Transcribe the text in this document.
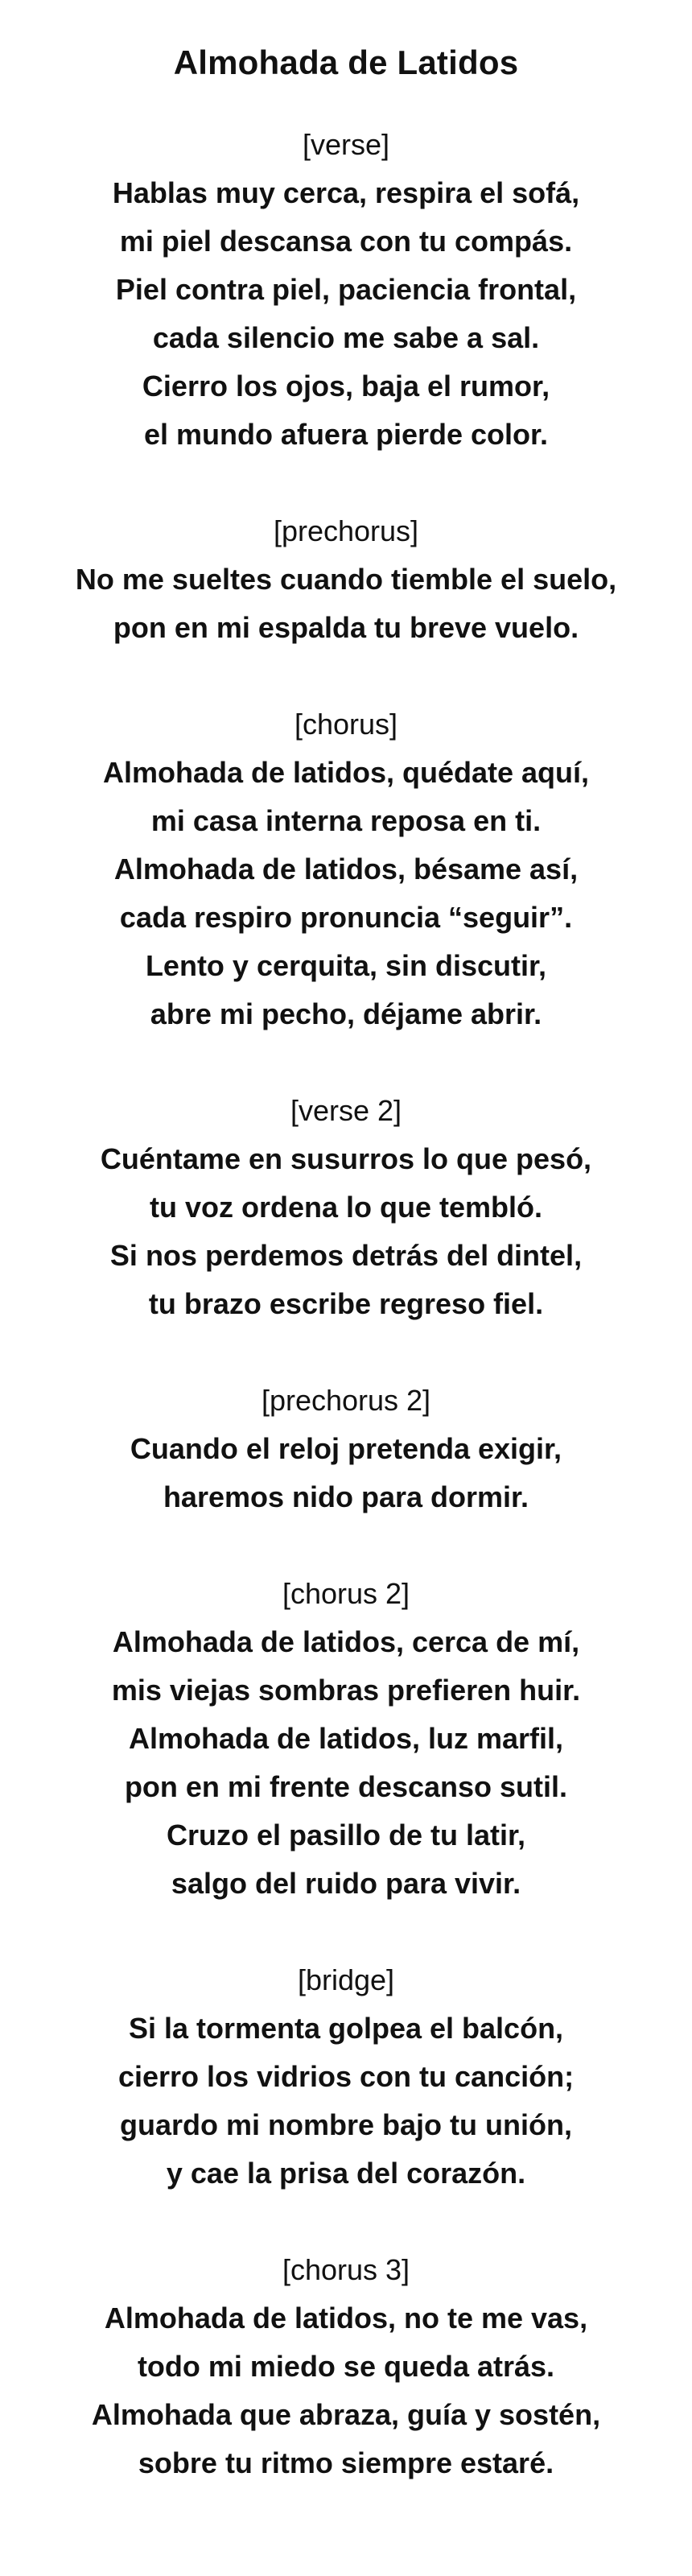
Almohada de Latidos
[verse]
Hablas muy cerca, respira el sofá,
mi piel descansa con tu compás.
Piel contra piel, paciencia frontal,
cada silencio me sabe a sal.
Cierro los ojos, baja el rumor,
el mundo afuera pierde color.
[prechorus]
No me sueltes cuando tiemble el suelo,
pon en mi espalda tu breve vuelo.
[chorus]
Almohada de latidos, quédate aquí,
mi casa interna reposa en ti.
Almohada de latidos, bésame así,
cada respiro pronuncia “seguir”.
Lento y cerquita, sin discutir,
abre mi pecho, déjame abrir.
[verse 2]
Cuéntame en susurros lo que pesó,
tu voz ordena lo que tembló.
Si nos perdemos detrás del dintel,
tu brazo escribe regreso fiel.
[prechorus 2]
Cuando el reloj pretenda exigir,
haremos nido para dormir.
[chorus 2]
Almohada de latidos, cerca de mí,
mis viejas sombras prefieren huir.
Almohada de latidos, luz marfil,
pon en mi frente descanso sutil.
Cruzo el pasillo de tu latir,
salgo del ruido para vivir.
[bridge]
Si la tormenta golpea el balcón,
cierro los vidrios con tu canción;
guardo mi nombre bajo tu unión,
y cae la prisa del corazón.
[chorus 3]
Almohada de latidos, no te me vas,
todo mi miedo se queda atrás.
Almohada que abraza, guía y sostén,
sobre tu ritmo siempre estaré.
